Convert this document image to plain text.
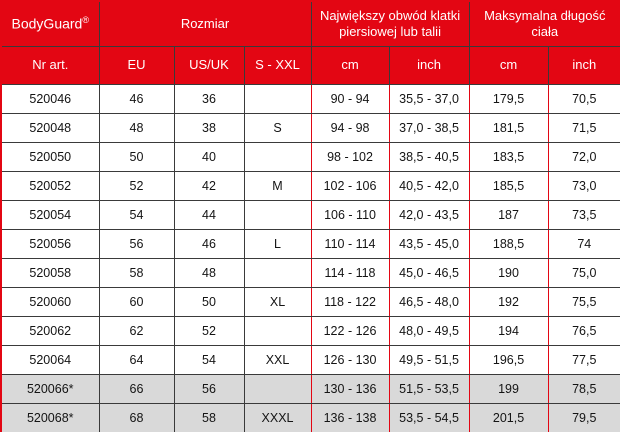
BodyGuard®	Rozmiar			Największy obwód klatki piersiowej lub talii		Maksymalna długość ciała	
Nr art.	EU	US/UK	S - XXL	cm	inch	cm	inch
520046	46	36		90 - 94	35,5 - 37,0	179,5	70,5
520048	48	38	S	94 - 98	37,0 - 38,5	181,5	71,5
520050	50	40		98 - 102	38,5 - 40,5	183,5	72,0
520052	52	42	M	102 - 106	40,5 - 42,0	185,5	73,0
520054	54	44		106 - 110	42,0 - 43,5	187	73,5
520056	56	46	L	110 - 114	43,5 - 45,0	188,5	74
520058	58	48		114 - 118	45,0 - 46,5	190	75,0
520060	60	50	XL	118 - 122	46,5 - 48,0	192	75,5
520062	62	52		122 - 126	48,0 - 49,5	194	76,5
520064	64	54	XXL	126 - 130	49,5 - 51,5	196,5	77,5
520066*	66	56		130 - 136	51,5 - 53,5	199	78,5
520068*	68	58	XXXL	136 - 138	53,5 - 54,5	201,5	79,5
